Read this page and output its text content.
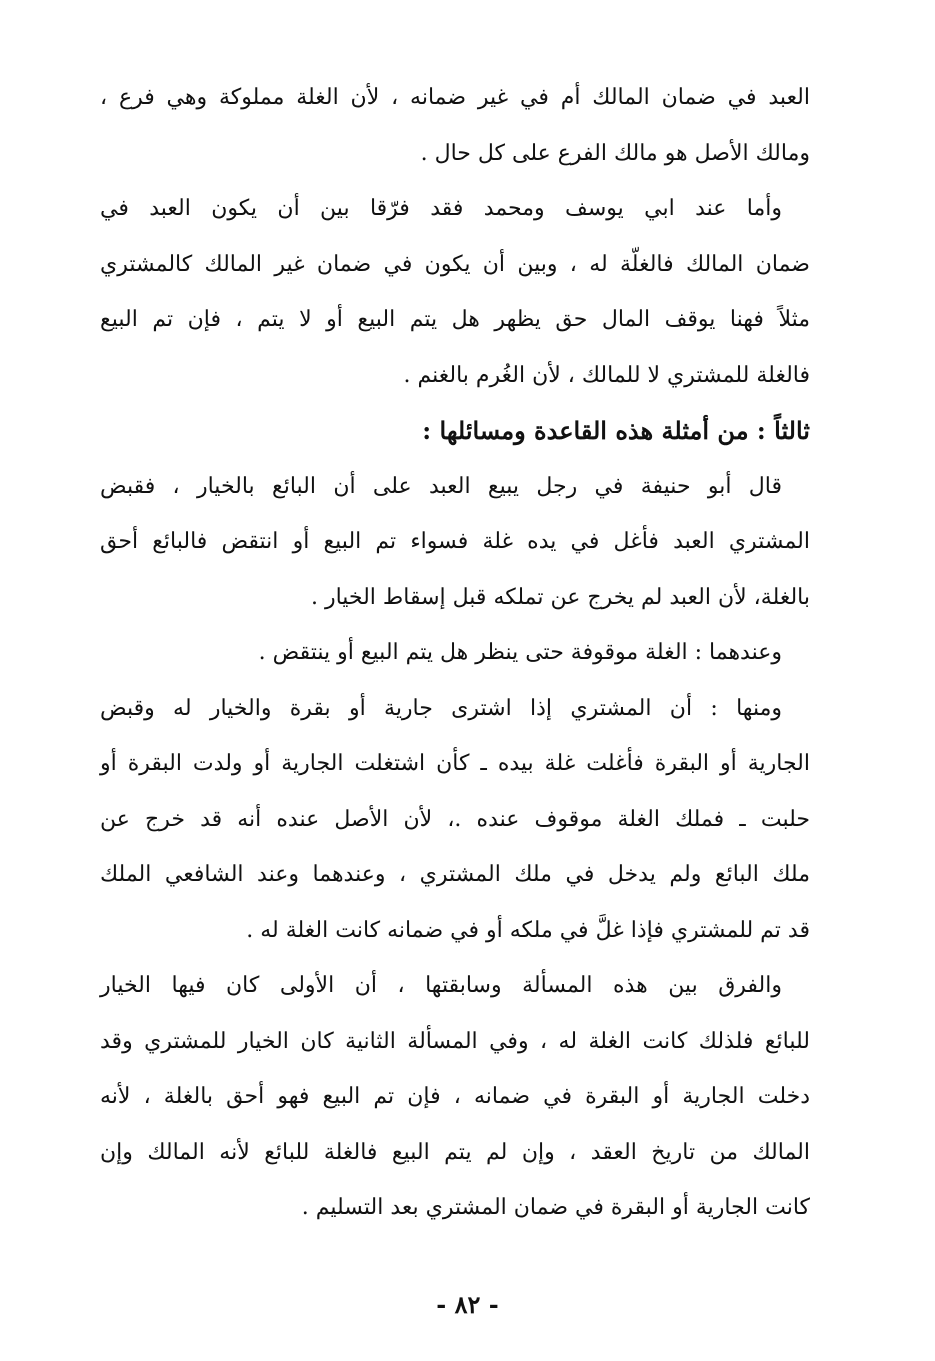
العبد في ضمان المالك أم في غير ضمانه ، لأن الغلة مملوكة وهي فرع ،
ومالك الأصل هو مالك الفرع على كل حال .
وأما عند ابي يوسف ومحمد فقد فرّقا بين أن يكون العبد في
ضمان المالك فالغلّة له ، وبين أن يكون في ضمان غير المالك كالمشتري
مثلاً فهنا يوقف المال حق يظهر هل يتم البيع أو لا يتم ، فإن تم البيع
فالغلة للمشتري لا للمالك ، لأن الغُرم بالغنم .
ثالثاً : من أمثلة هذه القاعدة ومسائلها :
قال أبو حنيفة في رجل يبيع العبد على أن البائع بالخيار ، فقبض
المشتري العبد فأغل في يده غلة فسواء تم البيع أو انتقض فالبائع أحق
بالغلة، لأن العبد لم يخرج عن تملكه قبل إسقاط الخيار .
وعندهما : الغلة موقوفة حتى ينظر هل يتم البيع أو ينتقض .
ومنها : أن المشتري إذا اشترى جارية أو بقرة والخيار له وقبض
الجارية أو البقرة فأغلت غلة بيده ـ كأن اشتغلت الجارية أو ولدت البقرة أو
حلبت ـ فملك الغلة موقوف عنده .، لأن الأصل عنده أنه قد خرج عن
ملك البائع ولم يدخل في ملك المشتري ، وعندهما وعند الشافعي الملك
قد تم للمشتري فإذا غلَّ في ملكه أو في ضمانه كانت الغلة له .
والفرق بين هذه المسألة وسابقتها ، أن الأولى كان فيها الخيار
للبائع فلذلك كانت الغلة له ، وفي المسألة الثانية كان الخيار للمشتري وقد
دخلت الجارية أو البقرة في ضمانه ، فإن تم البيع فهو أحق بالغلة ، لأنه
المالك من تاريخ العقد ، وإن لم يتم البيع فالغلة للبائع لأنه المالك وإن
كانت الجارية أو البقرة في ضمان المشتري بعد التسليم .
- ٨٢ -
